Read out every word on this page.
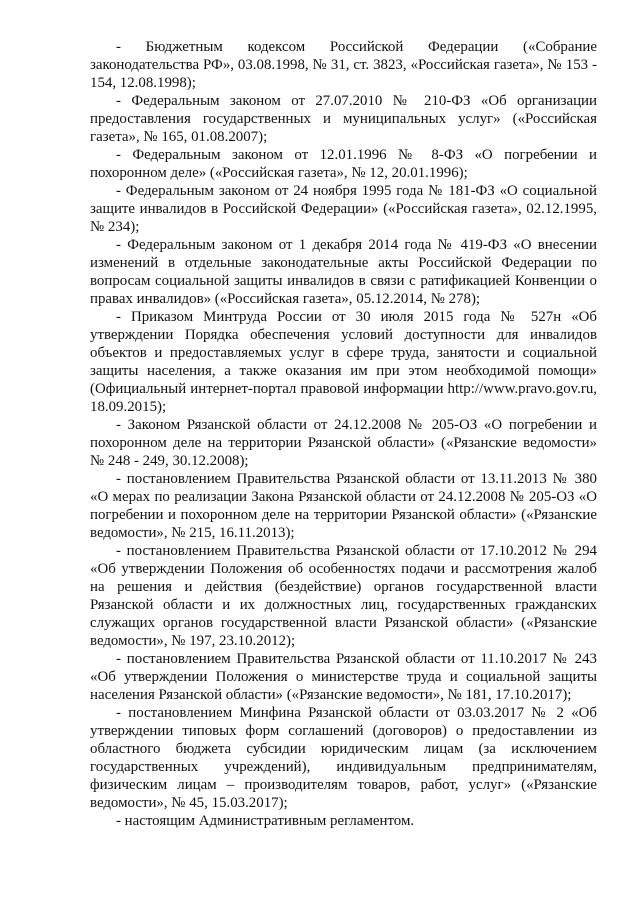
- Бюджетным кодексом Российской Федерации («Собрание законодательства РФ», 03.08.1998, № 31, ст. 3823, «Российская газета», № 153 - 154, 12.08.1998);

- Федеральным законом от 27.07.2010 № 210-ФЗ «Об организации предоставления государственных и муниципальных услуг» («Российская газета», № 165, 01.08.2007);

- Федеральным законом от 12.01.1996 № 8-ФЗ «О погребении и похоронном деле» («Российская газета», № 12, 20.01.1996);

- Федеральным законом от 24 ноября 1995 года № 181-ФЗ «О социальной защите инвалидов в Российской Федерации» («Российская газета», 02.12.1995, № 234);

- Федеральным законом от 1 декабря 2014 года № 419-ФЗ «О внесении изменений в отдельные законодательные акты Российской Федерации по вопросам социальной защиты инвалидов в связи с ратификацией Конвенции о правах инвалидов» («Российская газета», 05.12.2014, № 278);

- Приказом Минтруда России от 30 июля 2015 года № 527н «Об утверждении Порядка обеспечения условий доступности для инвалидов объектов и предоставляемых услуг в сфере труда, занятости и социальной защиты населения, а также оказания им при этом необходимой помощи» (Официальный интернет-портал правовой информации http://www.pravo.gov.ru, 18.09.2015);

- Законом Рязанской области от 24.12.2008 № 205-ОЗ «О погребении и похоронном деле на территории Рязанской области» («Рязанские ведомости» № 248 - 249, 30.12.2008);

- постановлением Правительства Рязанской области от 13.11.2013 № 380 «О мерах по реализации Закона Рязанской области от 24.12.2008 № 205-ОЗ «О погребении и похоронном деле на территории Рязанской области» («Рязанские ведомости», № 215, 16.11.2013);

- постановлением Правительства Рязанской области от 17.10.2012 № 294 «Об утверждении Положения об особенностях подачи и рассмотрения жалоб на решения и действия (бездействие) органов государственной власти Рязанской области и их должностных лиц, государственных гражданских служащих органов государственной власти Рязанской области» («Рязанские ведомости», № 197, 23.10.2012);

- постановлением Правительства Рязанской области от 11.10.2017 № 243 «Об утверждении Положения о министерстве труда и социальной защиты населения Рязанской области» («Рязанские ведомости», № 181, 17.10.2017);

- постановлением Минфина Рязанской области от 03.03.2017 № 2 «Об утверждении типовых форм соглашений (договоров) о предоставлении из областного бюджета субсидии юридическим лицам (за исключением государственных учреждений), индивидуальным предпринимателям, физическим лицам – производителям товаров, работ, услуг» («Рязанские ведомости», № 45, 15.03.2017);

- настоящим Административным регламентом.
